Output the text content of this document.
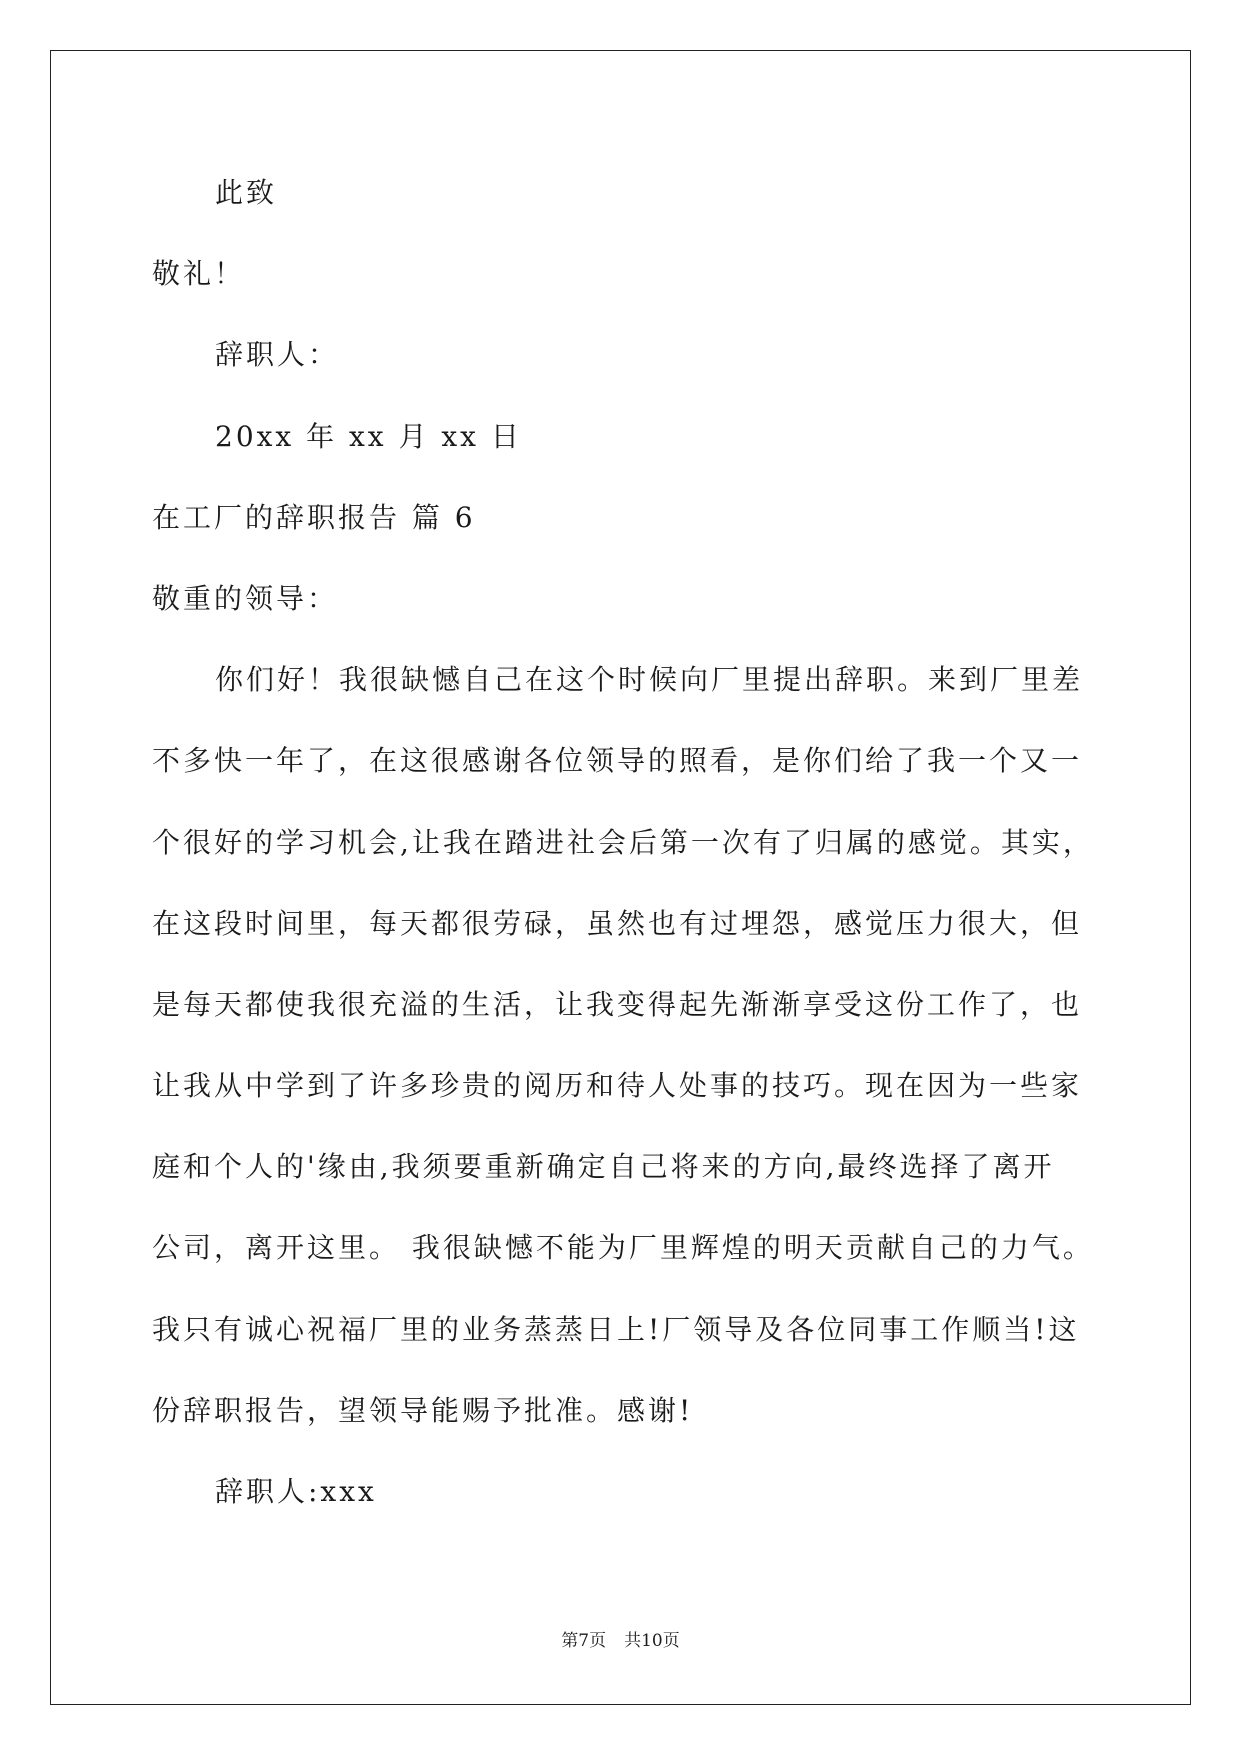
此致
敬礼！
辞职人：
20xx 年 xx 月 xx 日
在工厂的辞职报告 篇 6
敬重的领导：
你们好！我很缺憾自己在这个时候向厂里提出辞职。来到厂里差
不多快一年了，在这很感谢各位领导的照看，是你们给了我一个又一
个很好的学习机会,让我在踏进社会后第一次有了归属的感觉。其实，
在这段时间里，每天都很劳碌，虽然也有过埋怨，感觉压力很大，但
是每天都使我很充溢的生活，让我变得起先渐渐享受这份工作了，也
让我从中学到了许多珍贵的阅历和待人处事的技巧。现在因为一些家
庭和个人的'缘由,我须要重新确定自己将来的方向,最终选择了离开
公司，离开这里。 我很缺憾不能为厂里辉煌的明天贡献自己的力气。
我只有诚心祝福厂里的业务蒸蒸日上!厂领导及各位同事工作顺当!这
份辞职报告，望领导能赐予批准。感谢!
辞职人:xxx
第7页 共10页
